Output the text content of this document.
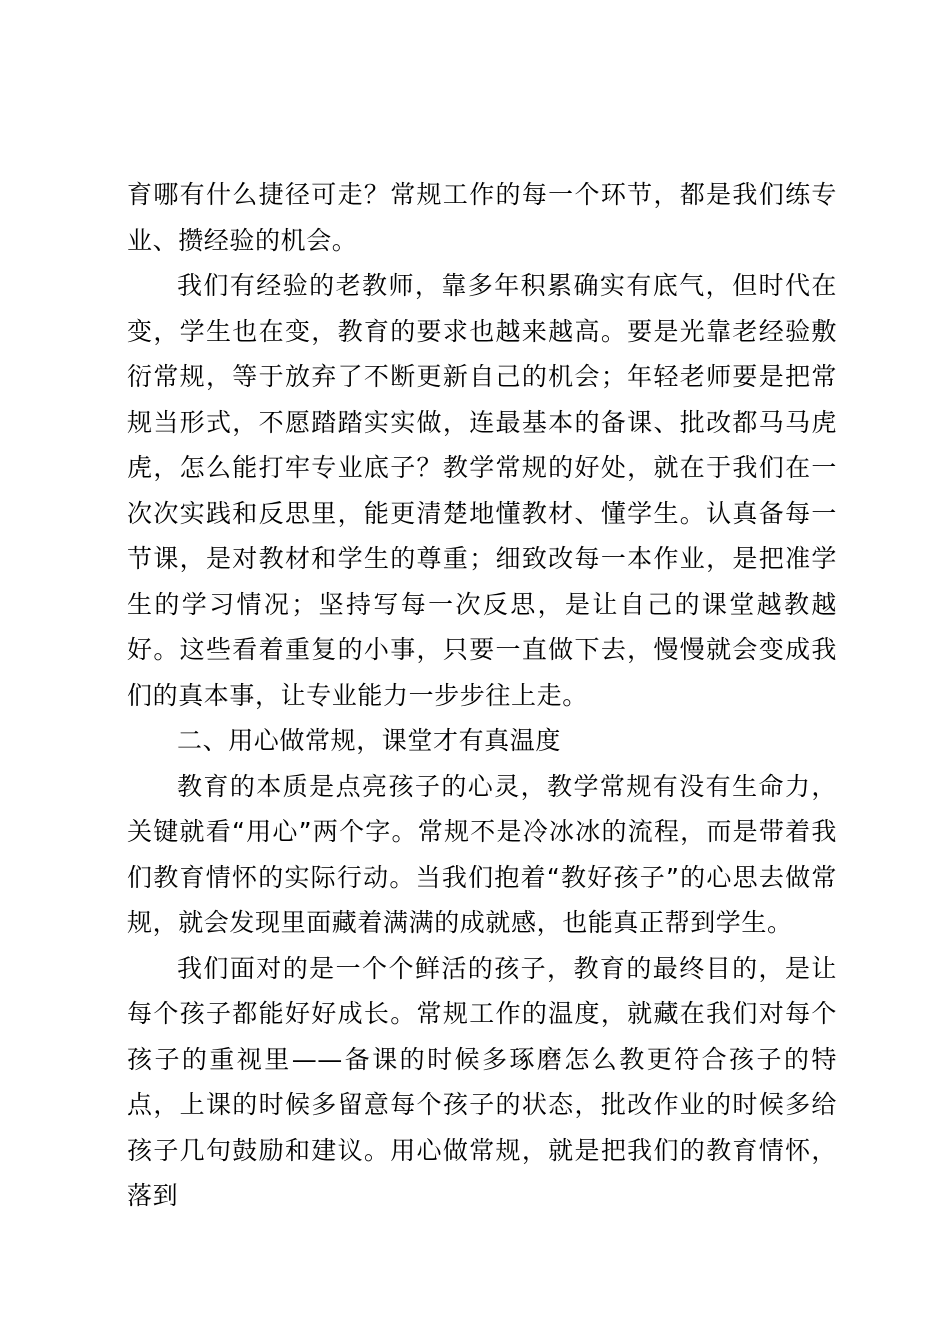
育哪有什么捷径可走？常规工作的每一个环节，都是我们练专业、攒经验的机会。

我们有经验的老教师，靠多年积累确实有底气，但时代在变，学生也在变，教育的要求也越来越高。要是光靠老经验敷衍常规，等于放弃了不断更新自己的机会；年轻老师要是把常规当形式，不愿踏踏实实做，连最基本的备课、批改都马马虎虎，怎么能打牢专业底子？教学常规的好处，就在于我们在一次次实践和反思里，能更清楚地懂教材、懂学生。认真备每一节课，是对教材和学生的尊重；细致改每一本作业，是把准学生的学习情况；坚持写每一次反思，是让自己的课堂越教越好。这些看着重复的小事，只要一直做下去，慢慢就会变成我们的真本事，让专业能力一步步往上走。

二、用心做常规，课堂才有真温度

教育的本质是点亮孩子的心灵，教学常规有没有生命力，关键就看“用心”两个字。常规不是冷冰冰的流程，而是带着我们教育情怀的实际行动。当我们抱着“教好孩子”的心思去做常规，就会发现里面藏着满满的成就感，也能真正帮到学生。

我们面对的是一个个鲜活的孩子，教育的最终目的，是让每个孩子都能好好成长。常规工作的温度，就藏在我们对每个孩子的重视里——备课的时候多琢磨怎么教更符合孩子的特点，上课的时候多留意每个孩子的状态，批改作业的时候多给孩子几句鼓励和建议。用心做常规，就是把我们的教育情怀，落到
